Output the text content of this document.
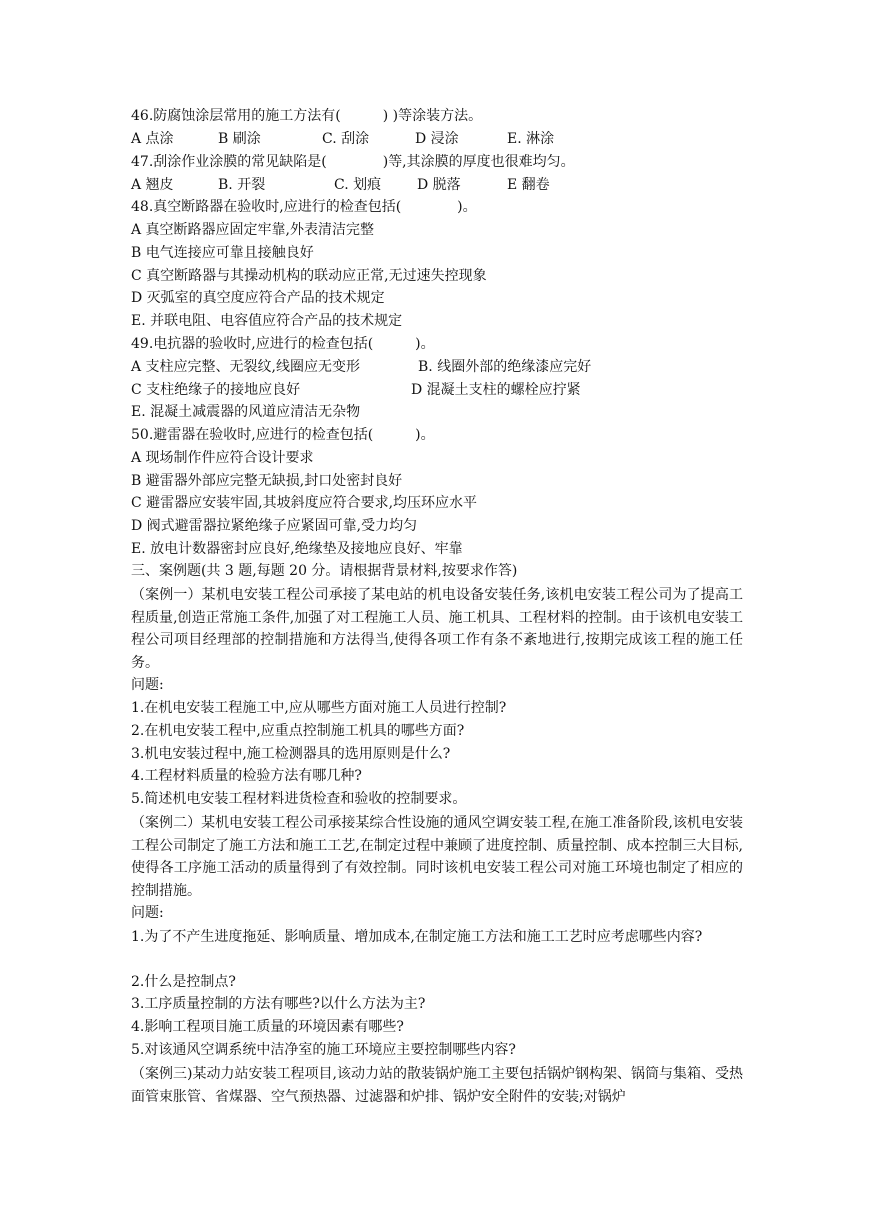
46.防腐蚀涂层常用的施工方法有(　　　) )等涂装方法。
A 点涂	B 刷涂	C. 刮涂	D 浸涂	E. 淋涂
47.刮涂作业涂膜的常见缺陷是(　　　　)等,其涂膜的厚度也很难均匀。
A 翘皮	B. 开裂	C. 划痕	D 脱落	E 翻卷
48.真空断路器在验收时,应进行的检查包括(　　　　)。
A 真空断路器应固定牢靠,外表清洁完整
B 电气连接应可靠且接触良好
C 真空断路器与其操动机构的联动应正常,无过速失控现象
D 灭弧室的真空度应符合产品的技术规定
E. 并联电阻、电容值应符合产品的技术规定
49.电抗器的验收时,应进行的检查包括(　　　)。
A 支柱应完整、无裂纹,线圈应无变形	B. 线圈外部的绝缘漆应完好
C 支柱绝缘子的接地应良好	D 混凝土支柱的螺栓应拧紧
E. 混凝土减震器的风道应清洁无杂物
50.避雷器在验收时,应进行的检查包括(　　　)。
A 现场制作件应符合设计要求
B 避雷器外部应完整无缺损,封口处密封良好
C 避雷器应安装牢固,其坡斜度应符合要求,均压环应水平
D 阀式避雷器拉紧绝缘子应紧固可靠,受力均匀
E. 放电计数器密封应良好,绝缘垫及接地应良好、牢靠
三、案例题(共 3 题,每题 20 分。请根据背景材料,按要求作答)
（案例一）某机电安装工程公司承接了某电站的机电设备安装任务,该机电安装工程公司为了提高工程质量,创造正常施工条件,加强了对工程施工人员、施工机具、工程材料的控制。由于该机电安装工程公司项目经理部的控制措施和方法得当,使得各项工作有条不紊地进行,按期完成该工程的施工任务。
问题:
1.在机电安装工程施工中,应从哪些方面对施工人员进行控制?
2.在机电安装工程中,应重点控制施工机具的哪些方面?
3.机电安装过程中,施工检测器具的选用原则是什么?
4.工程材料质量的检验方法有哪几种?
5.简述机电安装工程材料进货检查和验收的控制要求。
（案例二）某机电安装工程公司承接某综合性设施的通风空调安装工程,在施工准备阶段,该机电安装工程公司制定了施工方法和施工工艺,在制定过程中兼顾了进度控制、质量控制、成本控制三大目标,使得各工序施工活动的质量得到了有效控制。同时该机电安装工程公司对施工环境也制定了相应的控制措施。
问题:
1.为了不产生进度拖延、影响质量、增加成本,在制定施工方法和施工工艺时应考虑哪些内容?
2.什么是控制点?
3.工序质量控制的方法有哪些?以什么方法为主?
4.影响工程项目施工质量的环境因素有哪些?
5.对该通风空调系统中洁净室的施工环境应主要控制哪些内容?
（案例三)某动力站安装工程项目,该动力站的散装锅炉施工主要包括锅炉钢构架、锅筒与集箱、受热面管束胀管、省煤器、空气预热器、过滤器和炉排、锅炉安全附件的安装;对锅炉
